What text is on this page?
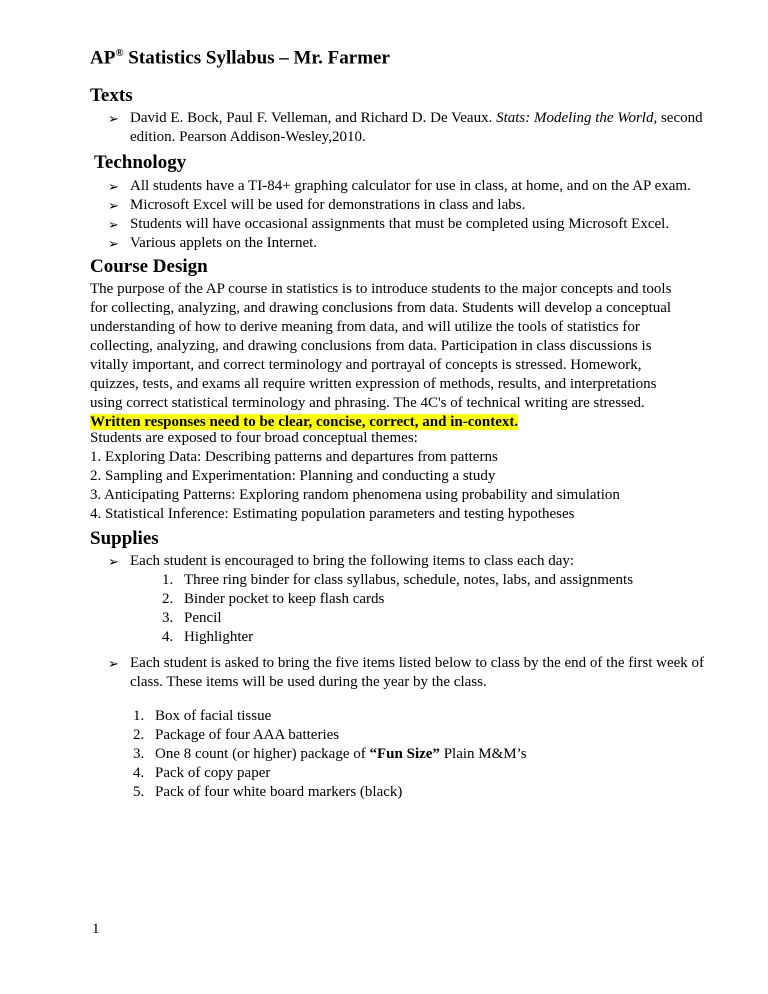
AP® Statistics Syllabus – Mr. Farmer
Texts
➢ David E. Bock, Paul F. Velleman, and Richard D. De Veaux. Stats: Modeling the World, second edition. Pearson Addison-Wesley,2010.
Technology
➢ All students have a TI-84+ graphing calculator for use in class, at home, and on the AP exam.
➢ Microsoft Excel will be used for demonstrations in class and labs.
➢ Students will have occasional assignments that must be completed using Microsoft Excel.
➢ Various applets on the Internet.
Course Design
The purpose of the AP course in statistics is to introduce students to the major concepts and tools for collecting, analyzing, and drawing conclusions from data. Students will develop a conceptual understanding of how to derive meaning from data, and will utilize the tools of statistics for collecting, analyzing, and drawing conclusions from data. Participation in class discussions is vitally important, and correct terminology and portrayal of concepts is stressed. Homework, quizzes, tests, and exams all require written expression of methods, results, and interpretations using correct statistical terminology and phrasing. The 4C's of technical writing are stressed. Written responses need to be clear, concise, correct, and in-context.
Students are exposed to four broad conceptual themes:
1. Exploring Data: Describing patterns and departures from patterns
2. Sampling and Experimentation: Planning and conducting a study
3. Anticipating Patterns: Exploring random phenomena using probability and simulation
4. Statistical Inference: Estimating population parameters and testing hypotheses
Supplies
➢ Each student is encouraged to bring the following items to class each day:
1. Three ring binder for class syllabus, schedule, notes, labs, and assignments
2. Binder pocket to keep flash cards
3. Pencil
4. Highlighter
➢ Each student is asked to bring the five items listed below to class by the end of the first week of class. These items will be used during the year by the class.
1. Box of facial tissue
2. Package of four AAA batteries
3. One 8 count (or higher) package of “Fun Size” Plain M&M’s
4. Pack of copy paper
5. Pack of four white board markers (black)
1
